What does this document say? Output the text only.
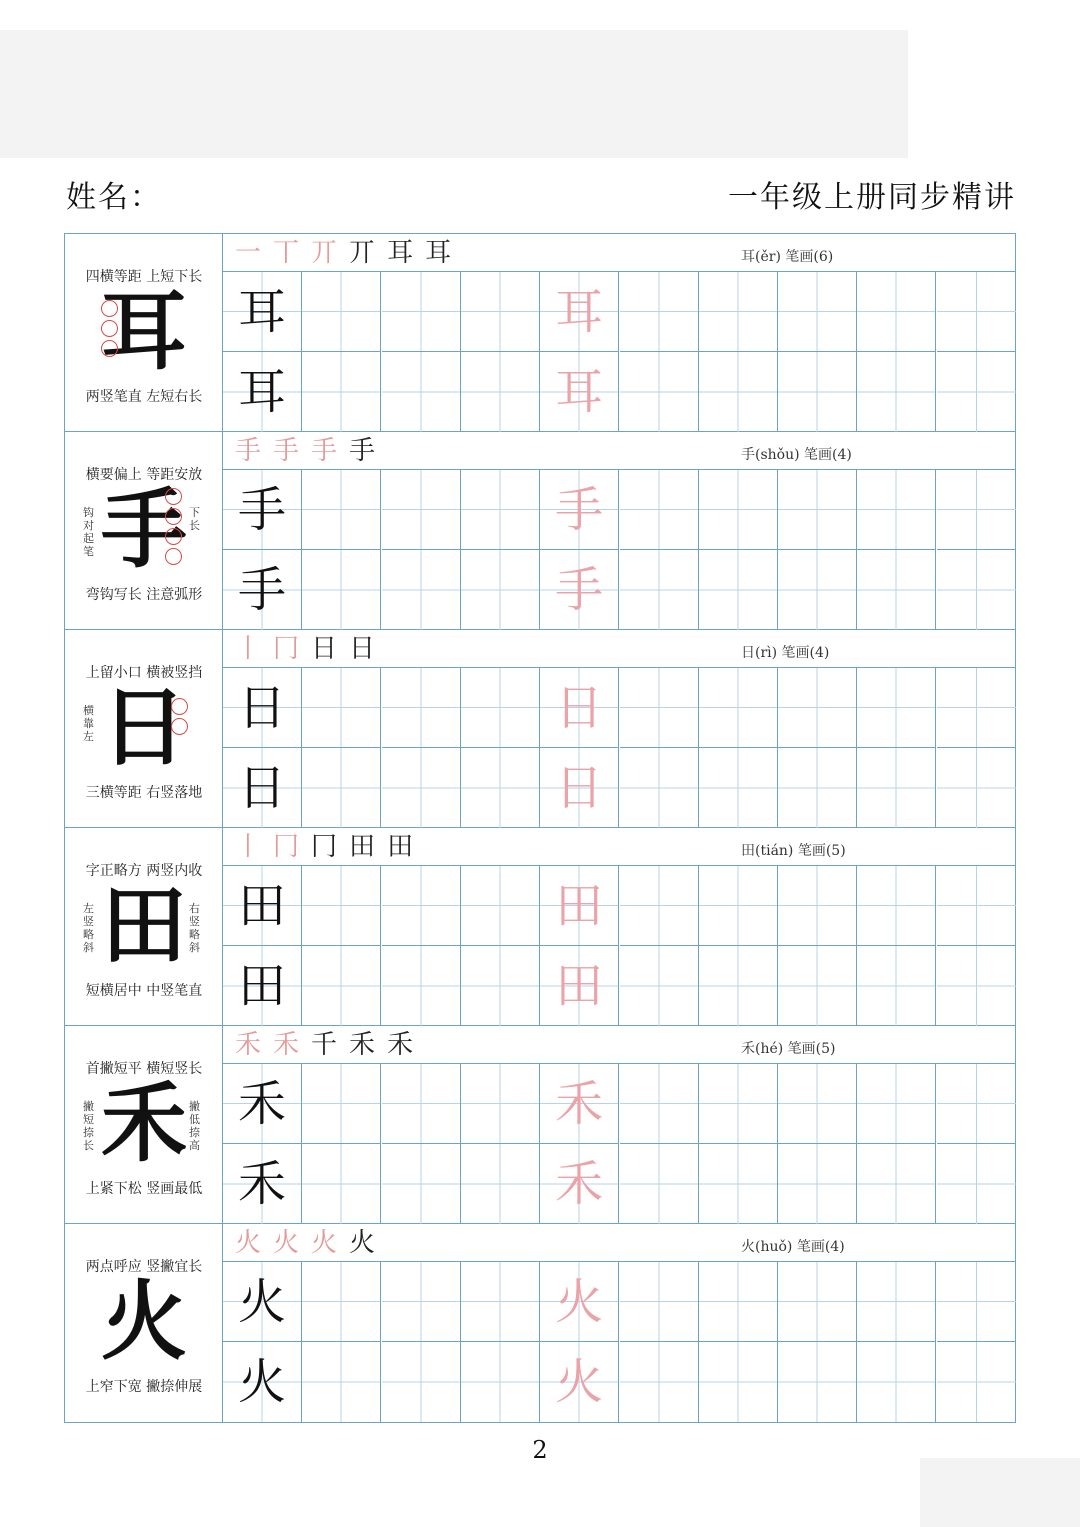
姓名：	一年级上册同步精讲
四横等距 上短下长
耳
两竖笔直 左短右长
一 丅 丌 丌 耳 耳	耳(ěr) 笔画(6)
耳	耳
耳	耳
横要偏上 等距安放
手
钩对起笔
下长
弯钩写长 注意弧形
手 手 手 手	手(shǒu) 笔画(4)
手	手
手	手
上留小口 横被竖挡
日
横靠左
三横等距 右竖落地
丨 冂 日 日	日(rì) 笔画(4)
日	日
日	日
字正略方 两竖内收
田
左竖略斜
右竖略斜
短横居中 中竖笔直
丨 冂 冂 田 田	田(tián) 笔画(5)
田	田
田	田
首撇短平 横短竖长
禾
撇短捺长
撇低捺高
上紧下松 竖画最低
禾 禾 千 禾 禾	禾(hé) 笔画(5)
禾	禾
禾	禾
两点呼应 竖撇宜长
火
上窄下宽 撇捺伸展
火 火 火 火	火(huǒ) 笔画(4)
火	火
火	火
2
